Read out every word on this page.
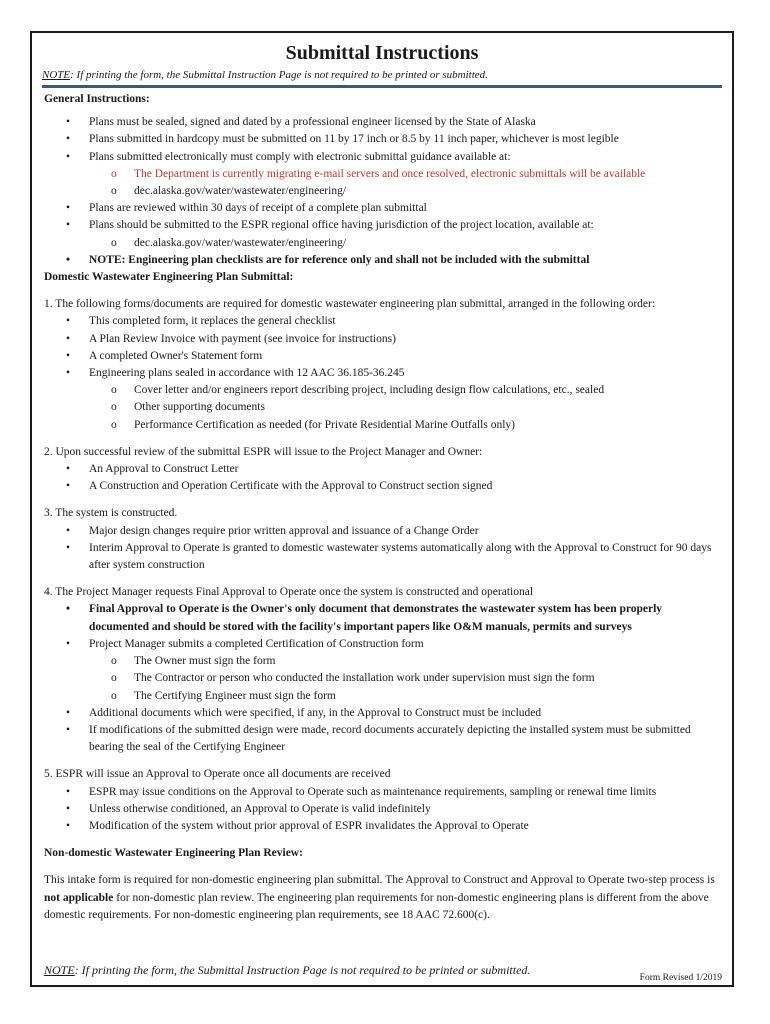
Submittal Instructions
NOTE: If printing the form, the Submittal Instruction Page is not required to be printed or submitted.
General Instructions:
• Plans must be sealed, signed and dated by a professional engineer licensed by the State of Alaska
• Plans submitted in hardcopy must be submitted on 11 by 17 inch or 8.5 by 11 inch paper, whichever is most legible
• Plans submitted electronically must comply with electronic submittal guidance available at:
o The Department is currently migrating e-mail servers and once resolved, electronic submittals will be available
o dec.alaska.gov/water/wastewater/engineering/
• Plans are reviewed within 30 days of receipt of a complete plan submittal
• Plans should be submitted to the ESPR regional office having jurisdiction of the project location, available at:
o dec.alaska.gov/water/wastewater/engineering/
• NOTE: Engineering plan checklists are for reference only and shall not be included with the submittal
Domestic Wastewater Engineering Plan Submittal:
1. The following forms/documents are required for domestic wastewater engineering plan submittal, arranged in the following order:
• This completed form, it replaces the general checklist
• A Plan Review Invoice with payment (see invoice for instructions)
• A completed Owner's Statement form
• Engineering plans sealed in accordance with 12 AAC 36.185-36.245
o Cover letter and/or engineers report describing project, including design flow calculations, etc., sealed
o Other supporting documents
o Performance Certification as needed (for Private Residential Marine Outfalls only)
2. Upon successful review of the submittal ESPR will issue to the Project Manager and Owner:
• An Approval to Construct Letter
• A Construction and Operation Certificate with the Approval to Construct section signed
3. The system is constructed.
• Major design changes require prior written approval and issuance of a Change Order
• Interim Approval to Operate is granted to domestic wastewater systems automatically along with the Approval to Construct for 90 days after system construction
4. The Project Manager requests Final Approval to Operate once the system is constructed and operational
• Final Approval to Operate is the Owner's only document that demonstrates the wastewater system has been properly documented and should be stored with the facility's important papers like O&M manuals, permits and surveys
• Project Manager submits a completed Certification of Construction form
o The Owner must sign the form
o The Contractor or person who conducted the installation work under supervision must sign the form
o The Certifying Engineer must sign the form
• Additional documents which were specified, if any, in the Approval to Construct must be included
• If modifications of the submitted design were made, record documents accurately depicting the installed system must be submitted bearing the seal of the Certifying Engineer
5. ESPR will issue an Approval to Operate once all documents are received
• ESPR may issue conditions on the Approval to Operate such as maintenance requirements, sampling or renewal time limits
• Unless otherwise conditioned, an Approval to Operate is valid indefinitely
• Modification of the system without prior approval of ESPR invalidates the Approval to Operate
Non-domestic Wastewater Engineering Plan Review:
This intake form is required for non-domestic engineering plan submittal. The Approval to Construct and Approval to Operate two-step process is not applicable for non-domestic plan review. The engineering plan requirements for non-domestic engineering plans is different from the above domestic requirements. For non-domestic engineering plan requirements, see 18 AAC 72.600(c).
NOTE: If printing the form, the Submittal Instruction Page is not required to be printed or submitted.
Form Revised 1/2019
